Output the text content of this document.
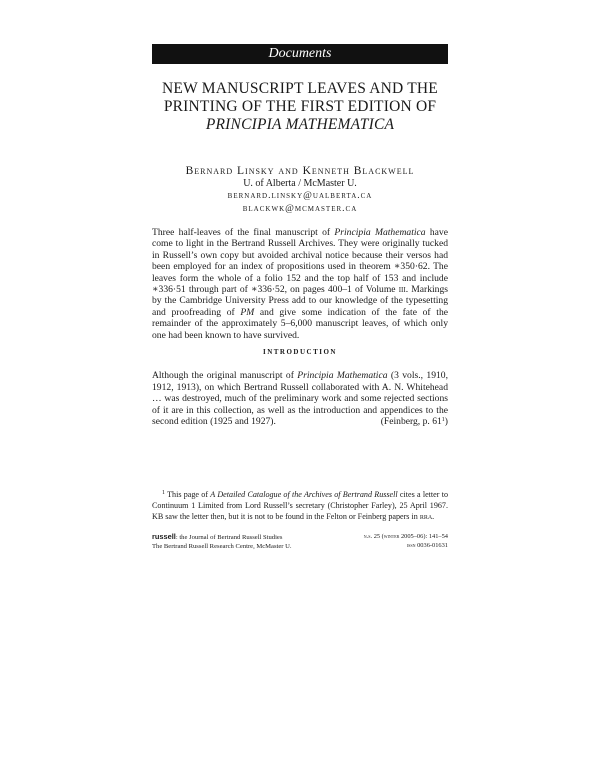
Documents
NEW MANUSCRIPT LEAVES AND THE
PRINTING OF THE FIRST EDITION OF
PRINCIPIA MATHEMATICA
Bernard Linsky and Kenneth Blackwell
U. of Alberta / McMaster U.
bernard.linsky@ualberta.ca
blackwk@mcmaster.ca

Three half-leaves of the final manuscript of Principia Mathematica have come to light in the Bertrand Russell Archives. They were originally tucked in Russell’s own copy but avoided archival notice because their versos had been employed for an index of propositions used in theorem ∗350·62. The leaves form the whole of a folio 152 and the top half of 153 and include ∗336·51 through part of ∗336·52, on pages 400–1 of Volume iii. Markings by the Cambridge University Press add to our knowledge of the typesetting and proofreading of PM and give some indication of the fate of the remainder of the approximately 5–6,000 manuscript leaves, of which only one had been known to have survived.

introduction

Although the original manuscript of Principia Mathematica (3 vols., 1910, 1912, 1913), on which Bertrand Russell collaborated with A. N. Whitehead … was destroyed, much of the preliminary work and some rejected sections of it are in this collection, as well as the introduction and appendices to the second edition (1925 and 1927).	(Feinberg, p. $61^1$)

$^1$ This page of A Detailed Catalogue of the Archives of Bertrand Russell cites a letter to Continuum 1 Limited from Lord Russell’s secretary (Christopher Farley), 25 April 1967. KB saw the letter then, but it is not to be found in the Felton or Feinberg papers in rra.

russell: the Journal of Bertrand Russell Studies
The Bertrand Russell Research Centre, McMaster U.
n.s. 25 (winter 2005–06): 141–54
issn 0036-01631
